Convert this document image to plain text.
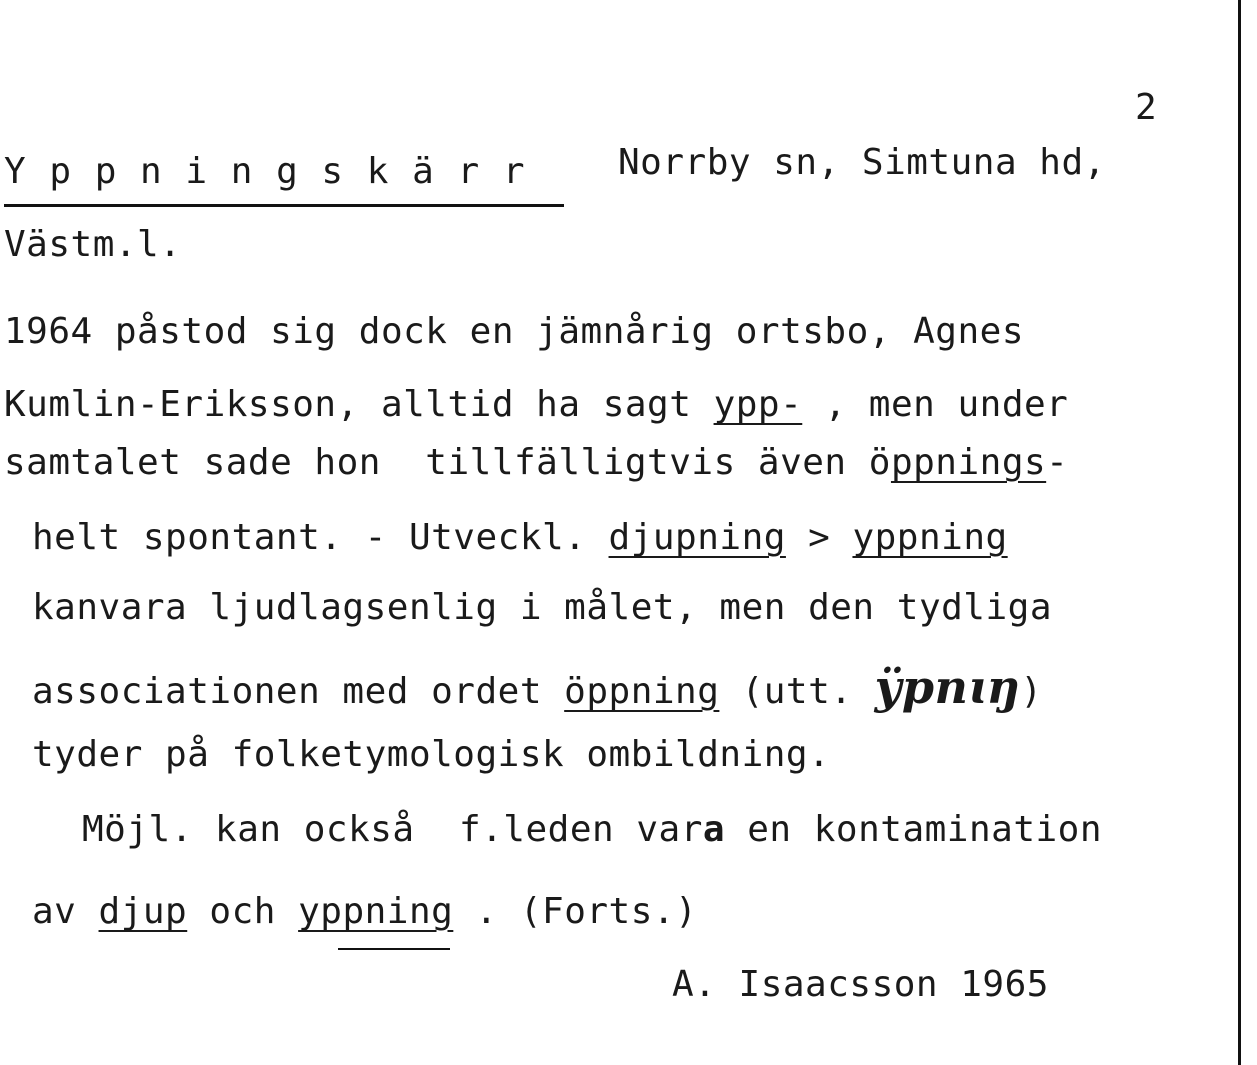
2
Y p p n i n g s k ä r r	Norrby sn, Simtuna hd,
Västm.l.
1964 påstod sig dock en jämnårig ortsbo, Agnes
Kumlin-Eriksson, alltid ha sagt ypp- , men under
samtalet sade hon  tillfälligtvis även öppnings-
helt spontant. - Utveckl. djupning > yppning
kanvara ljudlagsenlig i målet, men den tydliga
associationen med ordet öppning (utt. ÿpnɩŋ)
tyder på folketymologisk ombildning.
Möjl. kan också  f.leden vara en kontamination
av djup och yppning . (Forts.)
A. Isaacsson 1965
